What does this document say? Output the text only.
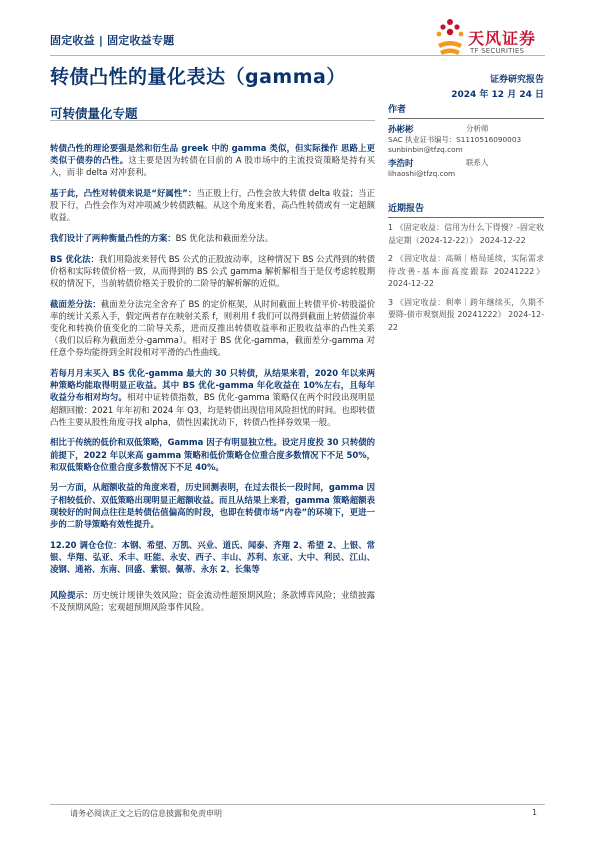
固定收益 | 固定收益专题	天风证券
TF SECURITIES
转债凸性的量化表达（gamma）	证券研究报告
2024 年 12 月 24 日
可转债量化专题

转债凸性的理论要强是然和衍生品 greek 中的 gamma 类似，但实际操作 思路上更类似于债券的凸性。这主要是因为转债在目前的 A 股市场中的主流投资策略是持有买入，而非 delta 对冲套利。

基于此，凸性对转债来说是“好属性”：当正股上行，凸性会放大转债 delta 收益；当正股下行，凸性会作为对冲项减少转债跌幅。从这个角度来看，高凸性转债或有一定超额收益。

我们设计了两种衡量凸性的方案：BS 优化法和截面差分法。

BS 优化法：我们用隐波来替代 BS 公式的正股波动率，这种情况下 BS 公式得到的转债价格和实际转债价格一致，从而得到的 BS 公式 gamma 解析解相当于是仅考虑转股期权的情况下，当前转债价格关于股价的二阶导的解析解的近似。

截面差分法：截面差分法完全舍弃了 BS 的定价框架，从时间截面上转债平价-转股溢价率的统计关系入手，假定两者存在映射关系 f，则利用 f 我们可以得到截面上转债溢价率变化和转换价值变化的二阶导关系，进而反推出转债收益率和正股收益率的凸性关系（我们以后称为截面差分-gamma）。相对于 BS 优化-gamma，截面差分-gamma 对任意个券均能得到全时段相对平滑的凸性曲线。

若每月月末买入 BS 优化-gamma 最大的 30 只转债，从结果来看，2020 年以来两种策略均能取得明显正收益。其中 BS 优化-gamma 年化收益在 10%左右，且每年收益分布相对均匀。相对中证转债指数，BS 优化-gamma 策略仅在两个时段出现明显超额回撤：2021 年年初和 2024 年 Q3，均是转债出现信用风险担忧的时间。也即转债凸性主要从股性角度寻找 alpha，债性因素扰动下，转债凸性择券效果一般。

相比于传统的低价和双低策略，Gamma 因子有明显独立性。设定月度投 30 只转债的前提下，2022 年以来高 gamma 策略和低价策略仓位重合度多数情况下不足 50%，和双低策略仓位重合度多数情况下不足 40%。

另一方面，从超额收益的角度来看，历史回测表明，在过去很长一段时间，gamma 因子相较低价、双低策略出现明显正超额收益。而且从结果上来看，gamma 策略超额表现较好的时间点往往是转债估值偏高的时段，也即在转债市场“内卷”的环境下，更进一步的二阶导策略有效性提升。

12.20 调仓仓位：本钢、希望、万凯、兴业、道氏、闻泰、齐翔 2、希望 2、上银、常银、华翔、弘亚、禾丰、旺能、永安、西子、丰山、苏利、东亚、大中、利民、江山、凌钢、通裕、东南、回盛、紫银、佩蒂、永东 2、长集等

风险提示：历史统计规律失效风险；资金流动性超预期风险；条款博弈风险；业绩披露不及预期风险；宏观超预期风险事件风险。

作者
孙彬彬	分析师
SAC 执业证书编号：S1110516090003
sunbinbin@tfzq.com
李浩时	联系人
lihaoshi@tfzq.com
近期报告

1 《固定收益：信用为什么下得慢？-固定收益定期（2024-12-22）》 2024-12-22

2 《固定收益：高频｜格局延续，实际需求待改善-基本面高度跟踪 20241222》 2024-12-22

3 《固定收益：利率｜跨年继续买，久期不要降-债市观察周报 20241222》 2024-12-22

请务必阅读正文之后的信息披露和免责申明	1
